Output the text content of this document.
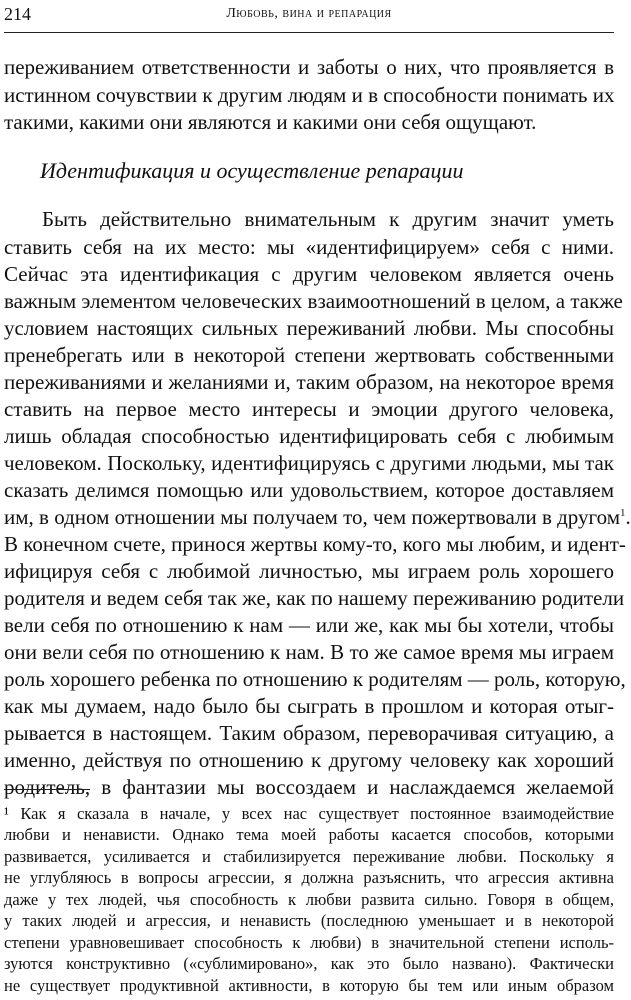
214	Любовь, вина и репарация
переживанием ответственности и заботы о них, что проявляется в
истинном сочувствии к другим людям и в способности понимать их
такими, какими они являются и какими они себя ощущают.
Идентификация и осуществление репарации
Быть действительно внимательным к другим значит уметь
ставить себя на их место: мы «идентифицируем» себя с ними.
Сейчас эта идентификация с другим человеком является очень
важным элементом человеческих взаимоотношений в целом, а также
условием настоящих сильных переживаний любви. Мы способны
пренебрегать или в некоторой степени жертвовать собственными
переживаниями и желаниями и, таким образом, на некоторое время
ставить на первое место интересы и эмоции другого человека,
лишь обладая способностью идентифицировать себя с любимым
человеком. Поскольку, идентифицируясь с другими людьми, мы так
сказать делимся помощью или удовольствием, которое доставляем
им, в одном отношении мы получаем то, чем пожертвовали в другом$^1$.
В конечном счете, принося жертвы кому-то, кого мы любим, и идент-
ифицируя себя с любимой личностью, мы играем роль хорошего
родителя и ведем себя так же, как по нашему переживанию родители
вели себя по отношению к нам — или же, как мы бы хотели, чтобы
они вели себя по отношению к нам. В то же самое время мы играем
роль хорошего ребенка по отношению к родителям — роль, которую,
как мы думаем, надо было бы сыграть в прошлом и которая отыг-
рывается в настоящем. Таким образом, переворачивая ситуацию, а
именно, действуя по отношению к другому человеку как хороший
родитель, в фантазии мы воссоздаем и наслаждаемся желаемой
¹ Как я сказала в начале, у всех нас существует постоянное взаимодействие
любви и ненависти. Однако тема моей работы касается способов, которыми
развивается, усиливается и стабилизируется переживание любви. Поскольку я
не углубляюсь в вопросы агрессии, я должна разъяснить, что агрессия активна
даже у тех людей, чья способность к любви развита сильно. Говоря в общем,
у таких людей и агрессия, и ненависть (последнюю уменьшает и в некоторой
степени уравновешивает способность к любви) в значительной степени исполь-
зуются конструктивно («сублимировано», как это было названо). Фактически
не существует продуктивной активности, в которую бы тем или иным образом
